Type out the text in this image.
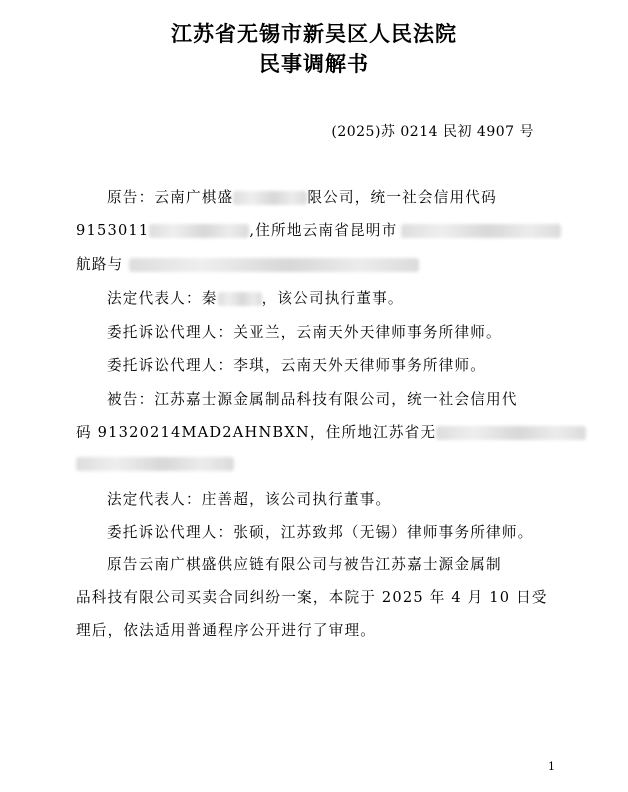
江苏省无锡市新吴区人民法院
民事调解书
(2025)苏 0214 民初 4907 号
原告：云南广棋盛	限公司，统一社会信用代码
9153011	,住所地云南省昆明市
航路与
法定代表人：秦	，该公司执行董事。
委托诉讼代理人：关亚兰，云南天外天律师事务所律师。
委托诉讼代理人：李琪，云南天外天律师事务所律师。
被告：江苏嘉士源金属制品科技有限公司，统一社会信用代
码 91320214MAD2AHNBXN，住所地江苏省无
法定代表人：庄善超，该公司执行董事。
委托诉讼代理人：张硕，江苏致邦（无锡）律师事务所律师。
原告云南广棋盛供应链有限公司与被告江苏嘉士源金属制
品科技有限公司买卖合同纠纷一案，本院于 2025 年 4 月 10 日受
理后，依法适用普通程序公开进行了审理。
1
